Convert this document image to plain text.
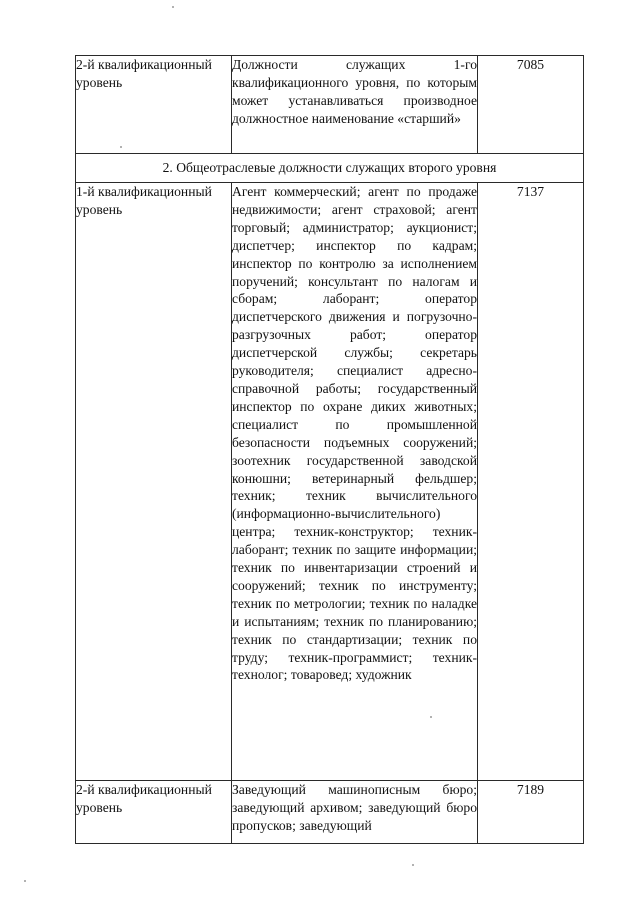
2-й квалификационный уровень	Должности служащих 1-го квалификационного уровня, по которым может устанавливаться производное должностное наименование «старший»	7085
2. Общеотраслевые должности служащих второго уровня		
1-й квалификационный уровень	Агент коммерческий; агент по продаже недвижимости; агент страховой; агент торговый; администратор; аукционист; диспетчер; инспектор по кадрам; инспектор по контролю за исполнением поручений; консультант по налогам и сборам; лаборант; оператор диспетчерского движения и погрузочно-разгрузочных работ; оператор диспетчерской службы; секретарь руководителя; специалист адресно-справочной работы; государственный инспектор по охране диких животных; специалист по промышленной безопасности подъемных сооружений; зоотехник государственной заводской конюшни; ветеринарный фельдшер; техник; техник вычислительного (информационно-вычислительного) центра; техник-конструктор; техник-лаборант; техник по защите информации; техник по инвентаризации строений и сооружений; техник по инструменту; техник по метрологии; техник по наладке и испытаниям; техник по планированию; техник по стандартизации; техник по труду; техник-программист; техник-технолог; товаровед; художник	7137

2-й квалификационный уровень	Заведующий машинописным бюро; заведующий архивом; заведующий бюро пропусков; заведующий	7189
